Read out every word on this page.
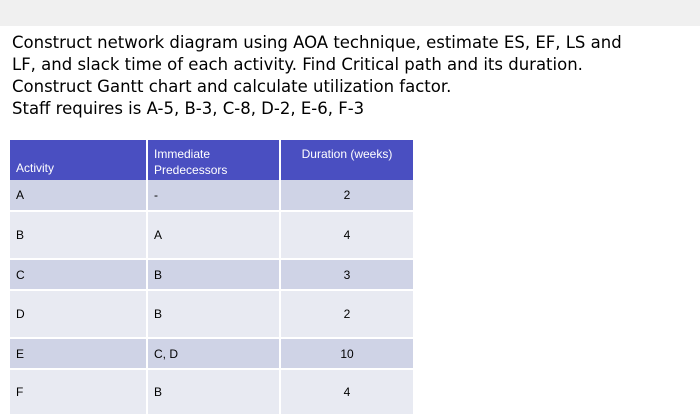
Construct network diagram using AOA technique, estimate ES, EF, LS and
LF, and slack time of each activity. Find Critical path and its duration.
Construct Gantt chart and calculate utilization factor.
Staff requires is A-5, B-3, C-8, D-2, E-6, F-3
Activity	Immediate Predecessors	Duration (weeks)
A	-	2
B	A	4
C	B	3
D	B	2
E	C, D	10
F	B	4
